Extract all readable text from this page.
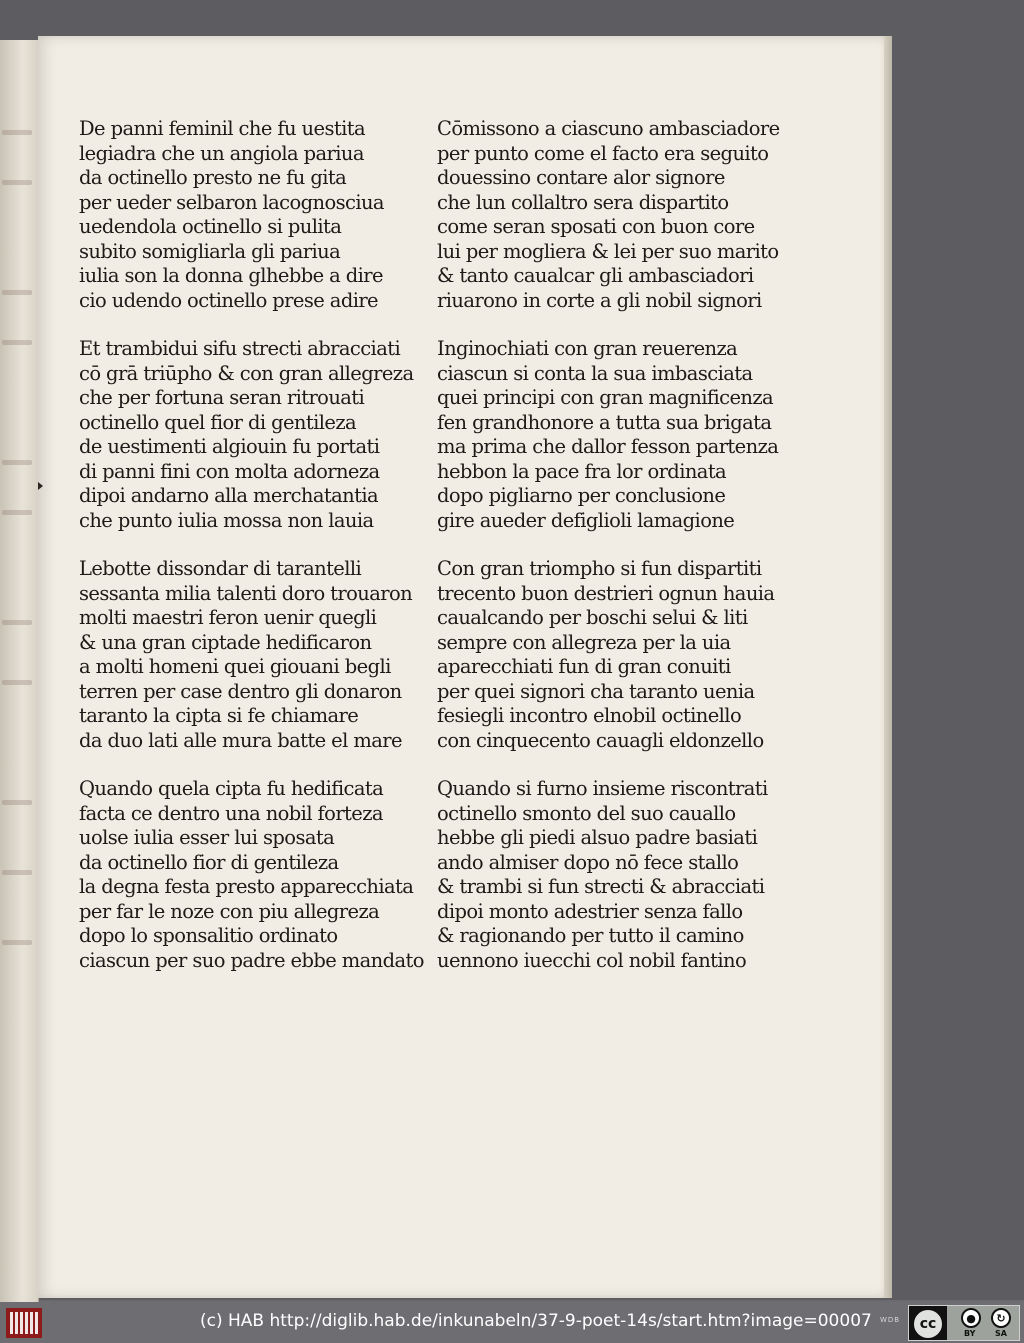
De panni feminil che fu uestita
legiadra che un angiola pariua
da octinello presto ne fu gita
per ueder selbaron lacognosciua
uedendola octinello si pulita
subito somigliarla gli pariua
iulia son la donna glhebbe a dire
cio udendo octinello prese adire
Et trambidui sifu strecti abracciati
cō grā triūpho & con gran allegreza
che per fortuna seran ritrouati
octinello quel fior di gentileza
de uestimenti algiouin fu portati
di panni fini con molta adorneza
dipoi andarno alla merchatantia
che punto iulia mossa non lauia
Lebotte dissondar di tarantelli
sessanta milia talenti doro trouaron
molti maestri feron uenir quegli
& una gran ciptade hedificaron
a molti homeni quei giouani begli
terren per case dentro gli donaron
taranto la cipta si fe chiamare
da duo lati alle mura batte el mare
Quando quela cipta fu hedificata
facta ce dentro una nobil forteza
uolse iulia esser lui sposata
da octinello fior di gentileza
la degna festa presto apparecchiata
per far le noze con piu allegreza
dopo lo sponsalitio ordinato
ciascun per suo padre ebbe mandato
Cōmissono a ciascuno ambasciadore
per punto come el facto era seguito
douessino contare alor signore
che lun collaltro sera dispartito
come seran sposati con buon core
lui per mogliera & lei per suo marito
& tanto caualcar gli ambasciadori
riuarono in corte a gli nobil signori
Inginochiati con gran reuerenza
ciascun si conta la sua imbasciata
quei principi con gran magnificenza
fen grandhonore a tutta sua brigata
ma prima che dallor fesson partenza
hebbon la pace fra lor ordinata
dopo pigliarno per conclusione
gire aueder defiglioli lamagione
Con gran triompho si fun dispartiti
trecento buon destrieri ognun hauia
caualcando per boschi selui & liti
sempre con allegreza per la uia
aparecchiati fun di gran conuiti
per quei signori cha taranto uenia
fesiegli incontro elnobil octinello
con cinquecento cauagli eldonzello
Quando si furno insieme riscontrati
octinello smonto del suo cauallo
hebbe gli piedi alsuo padre basiati
ando almiser dopo nō fece stallo
& trambi si fun strecti & abracciati
dipoi monto adestrier senza fallo
& ragionando per tutto il camino
uennono iuecchi col nobil fantino
(c) HAB http://diglib.hab.de/inkunabeln/37-9-poet-14s/start.htm?image=00007 WDB	cc	●	↻
BY SA
